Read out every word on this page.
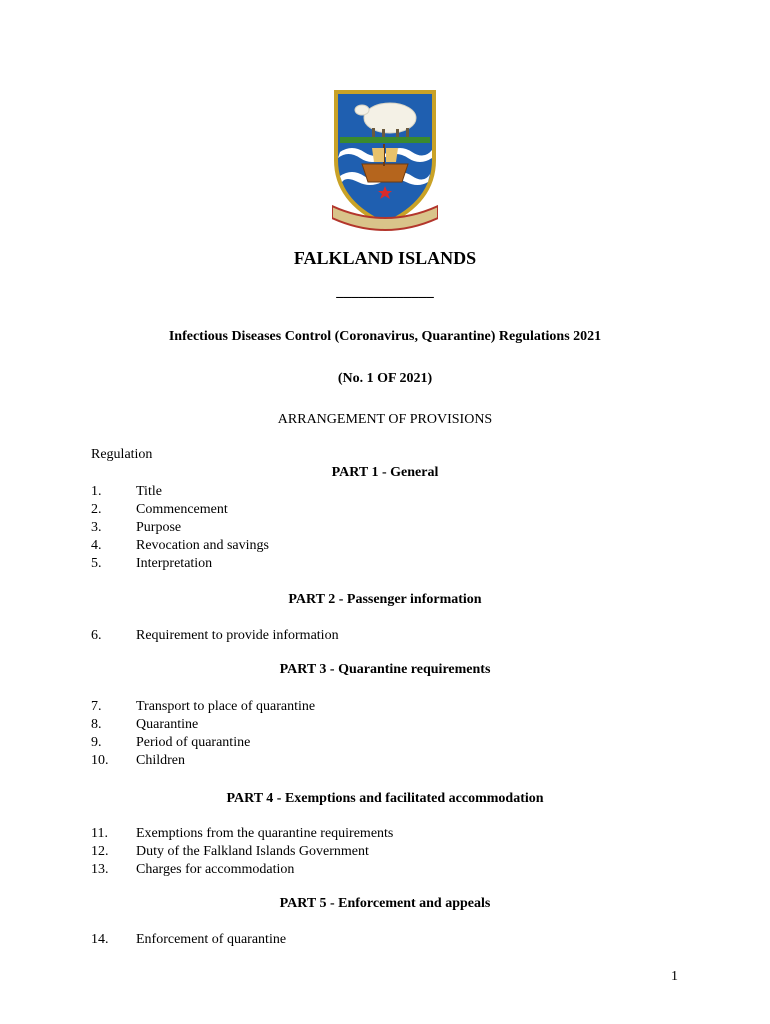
FALKLAND ISLANDS
_____________
Infectious Diseases Control (Coronavirus, Quarantine) Regulations 2021
(No. 1 OF 2021)
ARRANGEMENT OF PROVISIONS
Regulation
PART 1 - General
1. Title
2. Commencement
3. Purpose
4. Revocation and savings
5. Interpretation
PART 2 - Passenger information
6. Requirement to provide information
PART 3 - Quarantine requirements
7. Transport to place of quarantine
8. Quarantine
9. Period of quarantine
10. Children
PART 4 - Exemptions and facilitated accommodation
11. Exemptions from the quarantine requirements
12. Duty of the Falkland Islands Government
13. Charges for accommodation
PART 5 - Enforcement and appeals
14. Enforcement of quarantine
1
